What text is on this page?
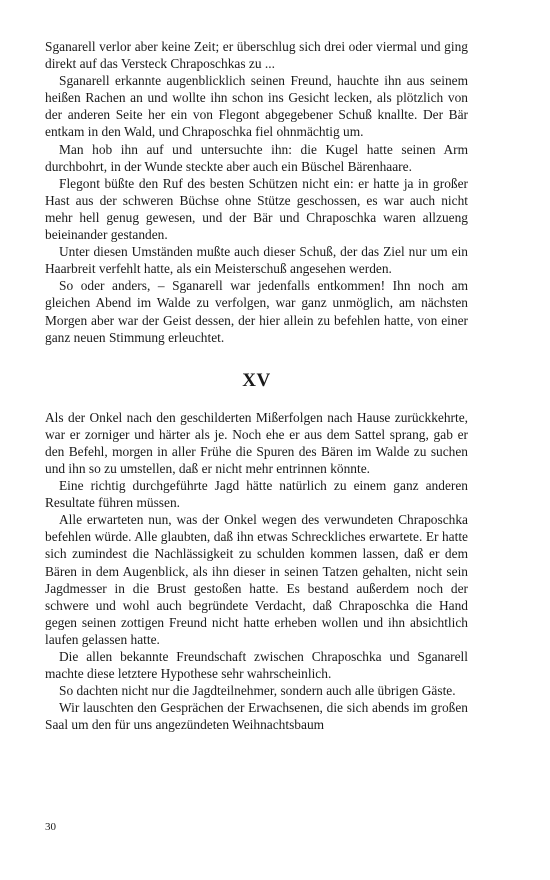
Sganarell verlor aber keine Zeit; er überschlug sich drei oder viermal und ging direkt auf das Versteck Chraposchkas zu ...

Sganarell erkannte augenblicklich seinen Freund, hauchte ihn aus seinem heißen Rachen an und wollte ihn schon ins Gesicht lecken, als plötzlich von der anderen Seite her ein von Flegont abgegebener Schuß knallte. Der Bär entkam in den Wald, und Chraposchka fiel ohnmächtig um.

Man hob ihn auf und untersuchte ihn: die Kugel hatte seinen Arm durchbohrt, in der Wunde steckte aber auch ein Büschel Bärenhaare.

Flegont büßte den Ruf des besten Schützen nicht ein: er hatte ja in großer Hast aus der schweren Büchse ohne Stütze geschossen, es war auch nicht mehr hell genug gewesen, und der Bär und Chraposchka waren allzueng beieinander gestanden.

Unter diesen Umständen mußte auch dieser Schuß, der das Ziel nur um ein Haarbreit verfehlt hatte, als ein Meisterschuß angesehen werden.

So oder anders, – Sganarell war jedenfalls entkommen! Ihn noch am gleichen Abend im Walde zu verfolgen, war ganz unmöglich, am nächsten Morgen aber war der Geist dessen, der hier allein zu befehlen hatte, von einer ganz neuen Stimmung erleuchtet.

XV

Als der Onkel nach den geschilderten Mißerfolgen nach Hause zurückkehrte, war er zorniger und härter als je. Noch ehe er aus dem Sattel sprang, gab er den Befehl, morgen in aller Frühe die Spuren des Bären im Walde zu suchen und ihn so zu umstellen, daß er nicht mehr entrinnen könnte.

Eine richtig durchgeführte Jagd hätte natürlich zu einem ganz anderen Resultate führen müssen.

Alle erwarteten nun, was der Onkel wegen des verwundeten Chraposchka befehlen würde. Alle glaubten, daß ihn etwas Schreckliches erwartete. Er hatte sich zumindest die Nachlässigkeit zu schulden kommen lassen, daß er dem Bären in dem Augenblick, als ihn dieser in seinen Tatzen gehalten, nicht sein Jagdmesser in die Brust gestoßen hatte. Es bestand außerdem noch der schwere und wohl auch begründete Verdacht, daß Chraposchka die Hand gegen seinen zottigen Freund nicht hatte erheben wollen und ihn absichtlich laufen gelassen hatte.

Die allen bekannte Freundschaft zwischen Chraposchka und Sganarell machte diese letztere Hypothese sehr wahrscheinlich.

So dachten nicht nur die Jagdteilnehmer, sondern auch alle übrigen Gäste.

Wir lauschten den Gesprächen der Erwachsenen, die sich abends im großen Saal um den für uns angezündeten Weihnachtsbaum

30
